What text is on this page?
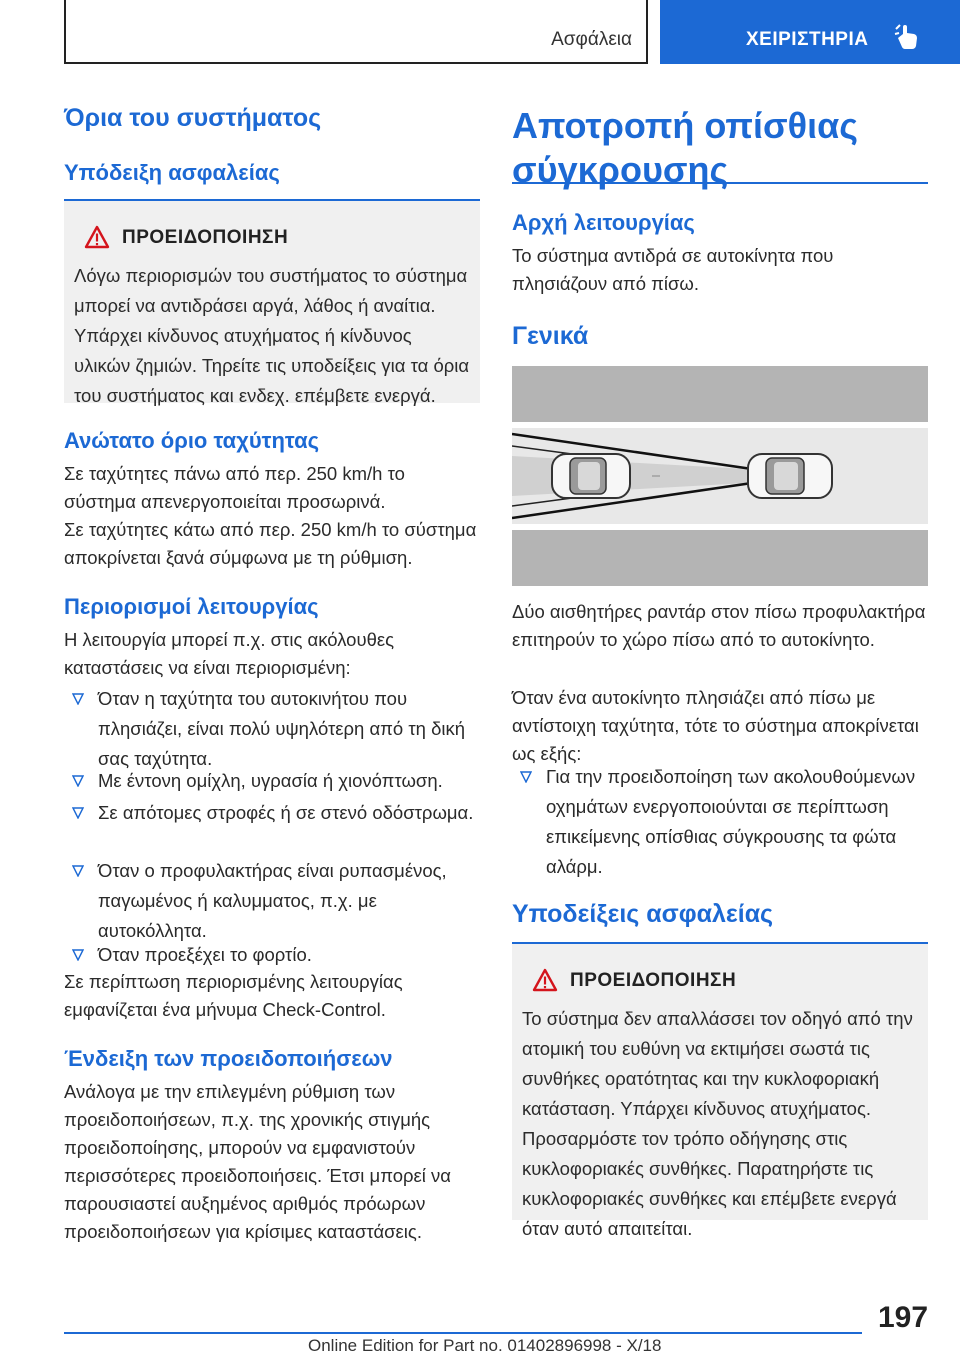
Ασφάλεια	ΧΕΙΡΙΣΤΗΡΙΑ
Όρια του συστήματος
Υπόδειξη ασφαλείας
ΠΡΟΕΙΔΟΠΟΙΗΣΗ
Λόγω περιορισμών του συστήματος το σύστημα μπορεί να αντιδράσει αργά, λάθος ή αναίτια. Υπάρχει κίνδυνος ατυχήματος ή κίνδυνος υλικών ζημιών. Τηρείτε τις υποδείξεις για τα όρια του συστήματος και ενδεχ. επέμβετε ενεργά.
Ανώτατο όριο ταχύτητας

Σε ταχύτητες πάνω από περ. 250 km/h το σύστημα απενεργοποιείται προσωρινά.

Σε ταχύτητες κάτω από περ. 250 km/h το σύστημα αποκρίνεται ξανά σύμφωνα με τη ρύθμιση.

Περιορισμοί λειτουργίας

Η λειτουργία μπορεί π.χ. στις ακόλουθες καταστάσεις να είναι περιορισμένη:

Όταν η ταχύτητα του αυτοκινήτου που πλησιάζει, είναι πολύ υψηλότερη από τη δική σας ταχύτητα.
Με έντονη ομίχλη, υγρασία ή χιονόπτωση.
Σε απότομες στροφές ή σε στενό οδόστρωμα.
Όταν ο προφυλακτήρας είναι ρυπασμένος, παγωμένος ή καλυμματος, π.χ. με αυτοκόλλητα.
Όταν προεξέχει το φορτίο.

Σε περίπτωση περιορισμένης λειτουργίας εμφανίζεται ένα μήνυμα Check-Control.

Ένδειξη των προειδοποιήσεων

Ανάλογα με την επιλεγμένη ρύθμιση των προειδοποιήσεων, π.χ. της χρονικής στιγμής προειδοποίησης, μπορούν να εμφανιστούν περισσότερες προειδοποιήσεις. Έτσι μπορεί να παρουσιαστεί αυξημένος αριθμός πρόωρων προειδοποιήσεων για κρίσιμες καταστάσεις.

Αποτροπή οπίσθιας σύγκρουσης
Αρχή λειτουργίας

Το σύστημα αντιδρά σε αυτοκίνητα που πλησιάζουν από πίσω.

Γενικά

Δύο αισθητήρες ραντάρ στον πίσω προφυλακτήρα επιτηρούν το χώρο πίσω από το αυτοκίνητο.

Όταν ένα αυτοκίνητο πλησιάζει από πίσω με αντίστοιχη ταχύτητα, τότε το σύστημα αποκρίνεται ως εξής:

Για την προειδοποίηση των ακολουθούμενων οχημάτων ενεργοποιούνται σε περίπτωση επικείμενης οπίσθιας σύγκρουσης τα φώτα αλάρμ.
Υποδείξεις ασφαλείας
ΠΡΟΕΙΔΟΠΟΙΗΣΗ
Το σύστημα δεν απαλλάσσει τον οδηγό από την ατομική του ευθύνη να εκτιμήσει σωστά τις συνθήκες ορατότητας και την κυκλοφοριακή κατάσταση. Υπάρχει κίνδυνος ατυχήματος. Προσαρμόστε τον τρόπο οδήγησης στις κυκλοφοριακές συνθήκες. Παρατηρήστε τις κυκλοφοριακές συνθήκες και επέμβετε ενεργά όταν αυτό απαιτείται.
197
Online Edition for Part no. 01402896998 - X/18
